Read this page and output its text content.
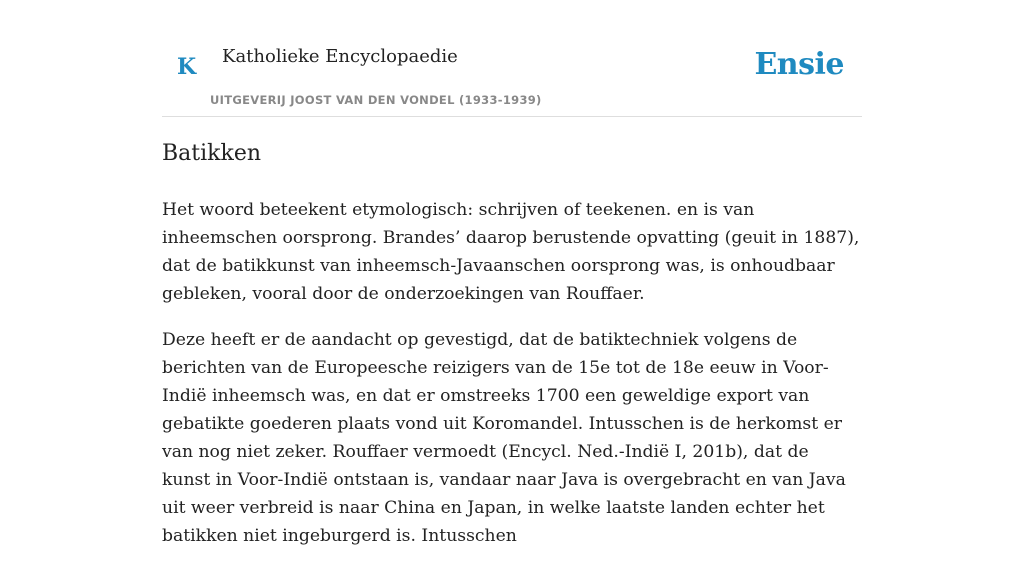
K Katholieke Encyclopaedie
UITGEVERIJ JOOST VAN DEN VONDEL (1933-1939)
Ensie
Batikken

Het woord beteekent etymologisch: schrijven of teekenen. en is van inheemschen oorsprong. Brandes’ daarop berustende opvatting (geuit in 1887), dat de batikkunst van inheemsch-Javaanschen oorsprong was, is onhoudbaar gebleken, vooral door de onderzoekingen van Rouffaer.

Deze heeft er de aandacht op gevestigd, dat de batiktechniek volgens de berichten van de Europeesche reizigers van de 15e tot de 18e eeuw in Voor-Indië inheemsch was, en dat er omstreeks 1700 een geweldige export van gebatikte goederen plaats vond uit Koromandel. Intusschen is de herkomst er van nog niet zeker. Rouffaer vermoedt (Encycl. Ned.-Indië I, 201b), dat de kunst in Voor-Indië ontstaan is, vandaar naar Java is overgebracht en van Java uit weer verbreid is naar China en Japan, in welke laatste landen echter het batikken niet ingeburgerd is. Intusschen
